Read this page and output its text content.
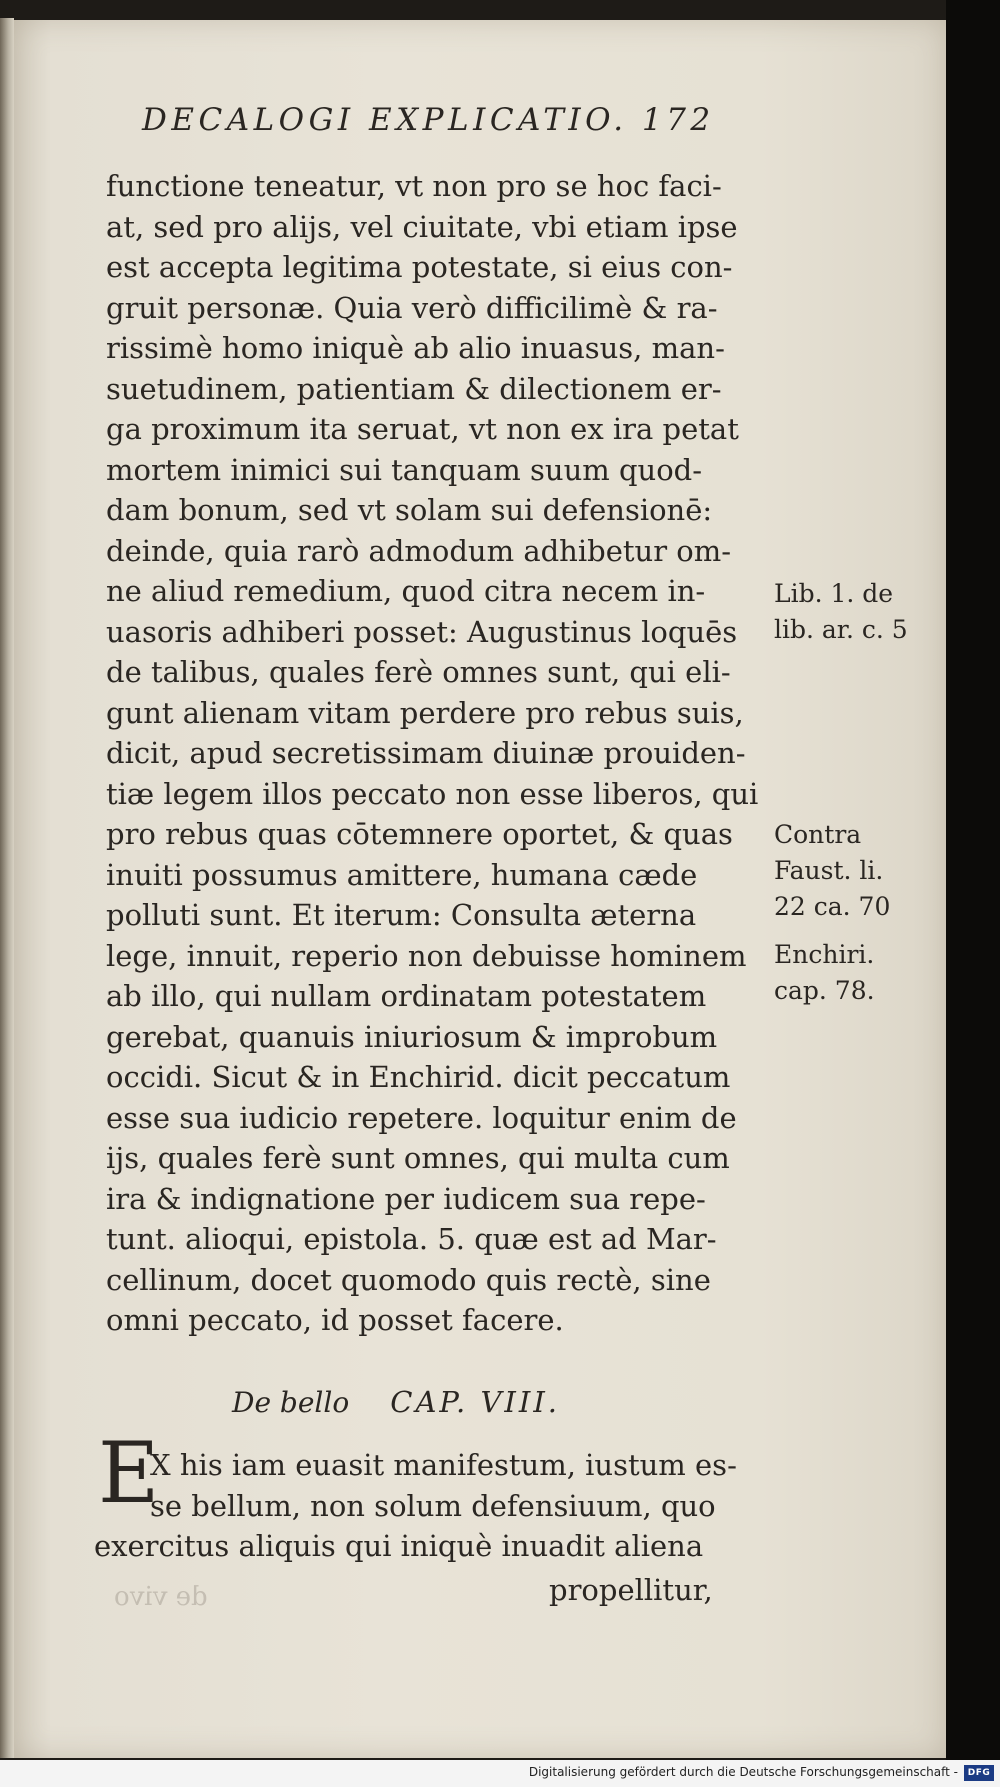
DECALOGI EXPLICATIO. 172
functione teneatur, vt non pro se hoc faci-
at, sed pro alijs, vel ciuitate, vbi etiam ipse
est accepta legitima potestate, si eius con-
gruit personæ. Quia verò difficilimè & ra-
rissimè homo iniquè ab alio inuasus, man-
suetudinem, patientiam & dilectionem er-
ga proximum ita seruat, vt non ex ira petat
mortem inimici sui tanquam suum quod-
dam bonum, sed vt solam sui defensionē:
deinde, quia rarò admodum adhibetur om-
ne aliud remedium, quod citra necem in-
uasoris adhiberi posset: Augustinus loquēs
de talibus, quales ferè omnes sunt, qui eli-
gunt alienam vitam perdere pro rebus suis,
dicit, apud secretissimam diuinæ prouiden-
tiæ legem illos peccato non esse liberos, qui
pro rebus quas cōtemnere oportet, & quas
inuiti possumus amittere, humana cæde
polluti sunt. Et iterum: Consulta æterna
lege, innuit, reperio non debuisse hominem
ab illo, qui nullam ordinatam potestatem
gerebat, quanuis iniuriosum & improbum
occidi. Sicut & in Enchirid. dicit peccatum
esse sua iudicio repetere. loquitur enim de
ijs, quales ferè sunt omnes, qui multa cum
ira & indignatione per iudicem sua repe-
tunt. alioqui, epistola. 5. quæ est ad Mar-
cellinum, docet quomodo quis rectè, sine
omni peccato, id posset facere.
Lib. 1. de
lib. ar. c. 5
Contra
Faust. li.
22 ca. 70
Enchiri.
cap. 78.
De bello CAP. VIII.
E
X his iam euasit manifestum, iustum es-
se bellum, non solum defensiuum, quo
exercitus aliquis qui iniquè inuadit aliena
de vivo	propellitur,
Digitalisierung gefördert durch die Deutsche Forschungsgemeinschaft -	DFG
